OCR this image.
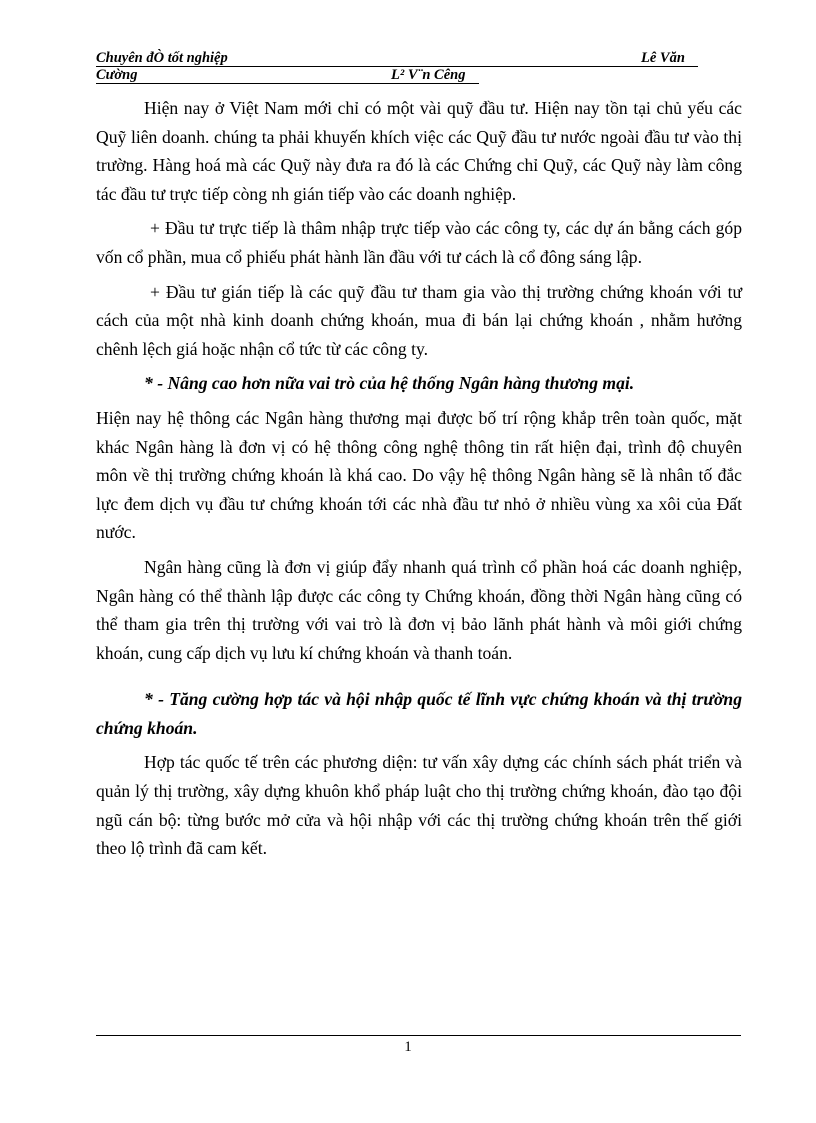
Chuyên đÒ tốt nghiệp	Lê Văn
Cường	L² V¨n Cêng

Hiện nay ở Việt Nam mới chỉ có một vài quỹ đầu tư. Hiện nay tồn tại chủ yếu các Quỹ liên doanh. chúng ta phải khuyến khích việc các Quỹ đầu tư nước ngoài đầu tư vào thị trường. Hàng hoá mà các Quỹ này đưa ra đó là các Chứng chỉ Quỹ, các Quỹ này làm công tác đầu tư trực tiếp còng nh gián tiếp vào các doanh nghiệp.

+ Đầu tư trực tiếp là thâm nhập trực tiếp vào các công ty, các dự án bằng cách góp vốn cổ phần, mua cổ phiếu phát hành lần đầu với tư cách là cổ đông sáng lập.

+ Đầu tư gián tiếp là các quỹ đầu tư tham gia vào thị trường chứng khoán với tư cách của một nhà kinh doanh chứng khoán, mua đi bán lại chứng khoán , nhằm hưởng chênh lệch giá hoặc nhận cổ tức từ các công ty.

* - Nâng cao hơn nữa vai trò của hệ thống Ngân hàng thương mại.

Hiện nay hệ thông các Ngân hàng thương mại được bố trí rộng khắp trên toàn quốc, mặt khác Ngân hàng là đơn vị có hệ thông công nghệ thông tin rất hiện đại, trình độ chuyên môn về thị trường chứng khoán là khá cao. Do vậy hệ thông Ngân hàng sẽ là nhân tố đắc lực đem dịch vụ đầu tư chứng khoán tới các nhà đầu tư nhỏ ở nhiều vùng xa xôi của Đất nước.

Ngân hàng cũng là đơn vị giúp đẩy nhanh quá trình cổ phần hoá các doanh nghiệp, Ngân hàng có thể thành lập được các công ty Chứng khoán, đồng thời Ngân hàng cũng có thể tham gia trên thị trường với vai trò là đơn vị bảo lãnh phát hành và môi giới chứng khoán, cung cấp dịch vụ lưu kí chứng khoán và thanh toán.

* - Tăng cường hợp tác và hội nhập quốc tế lĩnh vực chứng khoán và thị trường chứng khoán.

Hợp tác quốc tế trên các phương diện: tư vấn xây dựng các chính sách phát triển và quản lý thị trường, xây dựng khuôn khổ pháp luật cho thị trường chứng khoán, đào tạo đội ngũ cán bộ: từng bước mở cửa và hội nhập với các thị trường chứng khoán trên thế giới theo lộ trình đã cam kết.

1
